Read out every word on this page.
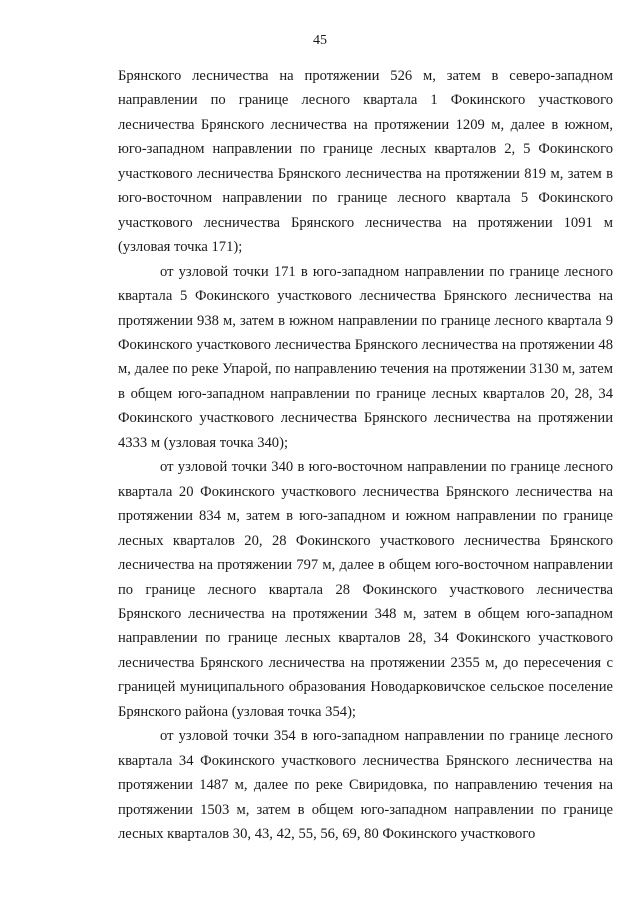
45

Брянского лесничества на протяжении 526 м, затем в северо-западном направлении по границе лесного квартала 1 Фокинского участкового лесничества Брянского лесничества на протяжении 1209 м, далее в южном, юго-западном направлении по границе лесных кварталов 2, 5 Фокинского участкового лесничества Брянского лесничества на протяжении 819 м, затем в юго-восточном направлении по границе лесного квартала 5 Фокинского участкового лесничества Брянского лесничества на протяжении 1091 м (узловая точка 171);

от узловой точки 171 в юго-западном направлении по границе лесного квартала 5 Фокинского участкового лесничества Брянского лесничества на протяжении 938 м, затем в южном направлении по границе лесного квартала 9 Фокинского участкового лесничества Брянского лесничества на протяжении 48 м, далее по реке Упарой, по направлению течения на протяжении 3130 м, затем в общем юго-западном направлении по границе лесных кварталов 20, 28, 34 Фокинского участкового лесничества Брянского лесничества на протяжении 4333 м (узловая точка 340);

от узловой точки 340 в юго-восточном направлении по границе лесного квартала 20 Фокинского участкового лесничества Брянского лесничества на протяжении 834 м, затем в юго-западном и южном направлении по границе лесных кварталов 20, 28 Фокинского участкового лесничества Брянского лесничества на протяжении 797 м, далее в общем юго-восточном направлении по границе лесного квартала 28 Фокинского участкового лесничества Брянского лесничества на протяжении 348 м, затем в общем юго-западном направлении по границе лесных кварталов 28, 34 Фокинского участкового лесничества Брянского лесничества на протяжении 2355 м, до пересечения с границей муниципального образования Новодарковичское сельское поселение Брянского района (узловая точка 354);

от узловой точки 354 в юго-западном направлении по границе лесного квартала 34 Фокинского участкового лесничества Брянского лесничества на протяжении 1487 м, далее по реке Свиридовка, по направлению течения на протяжении 1503 м, затем в общем юго-западном направлении по границе лесных кварталов 30, 43, 42, 55, 56, 69, 80 Фокинского участкового
